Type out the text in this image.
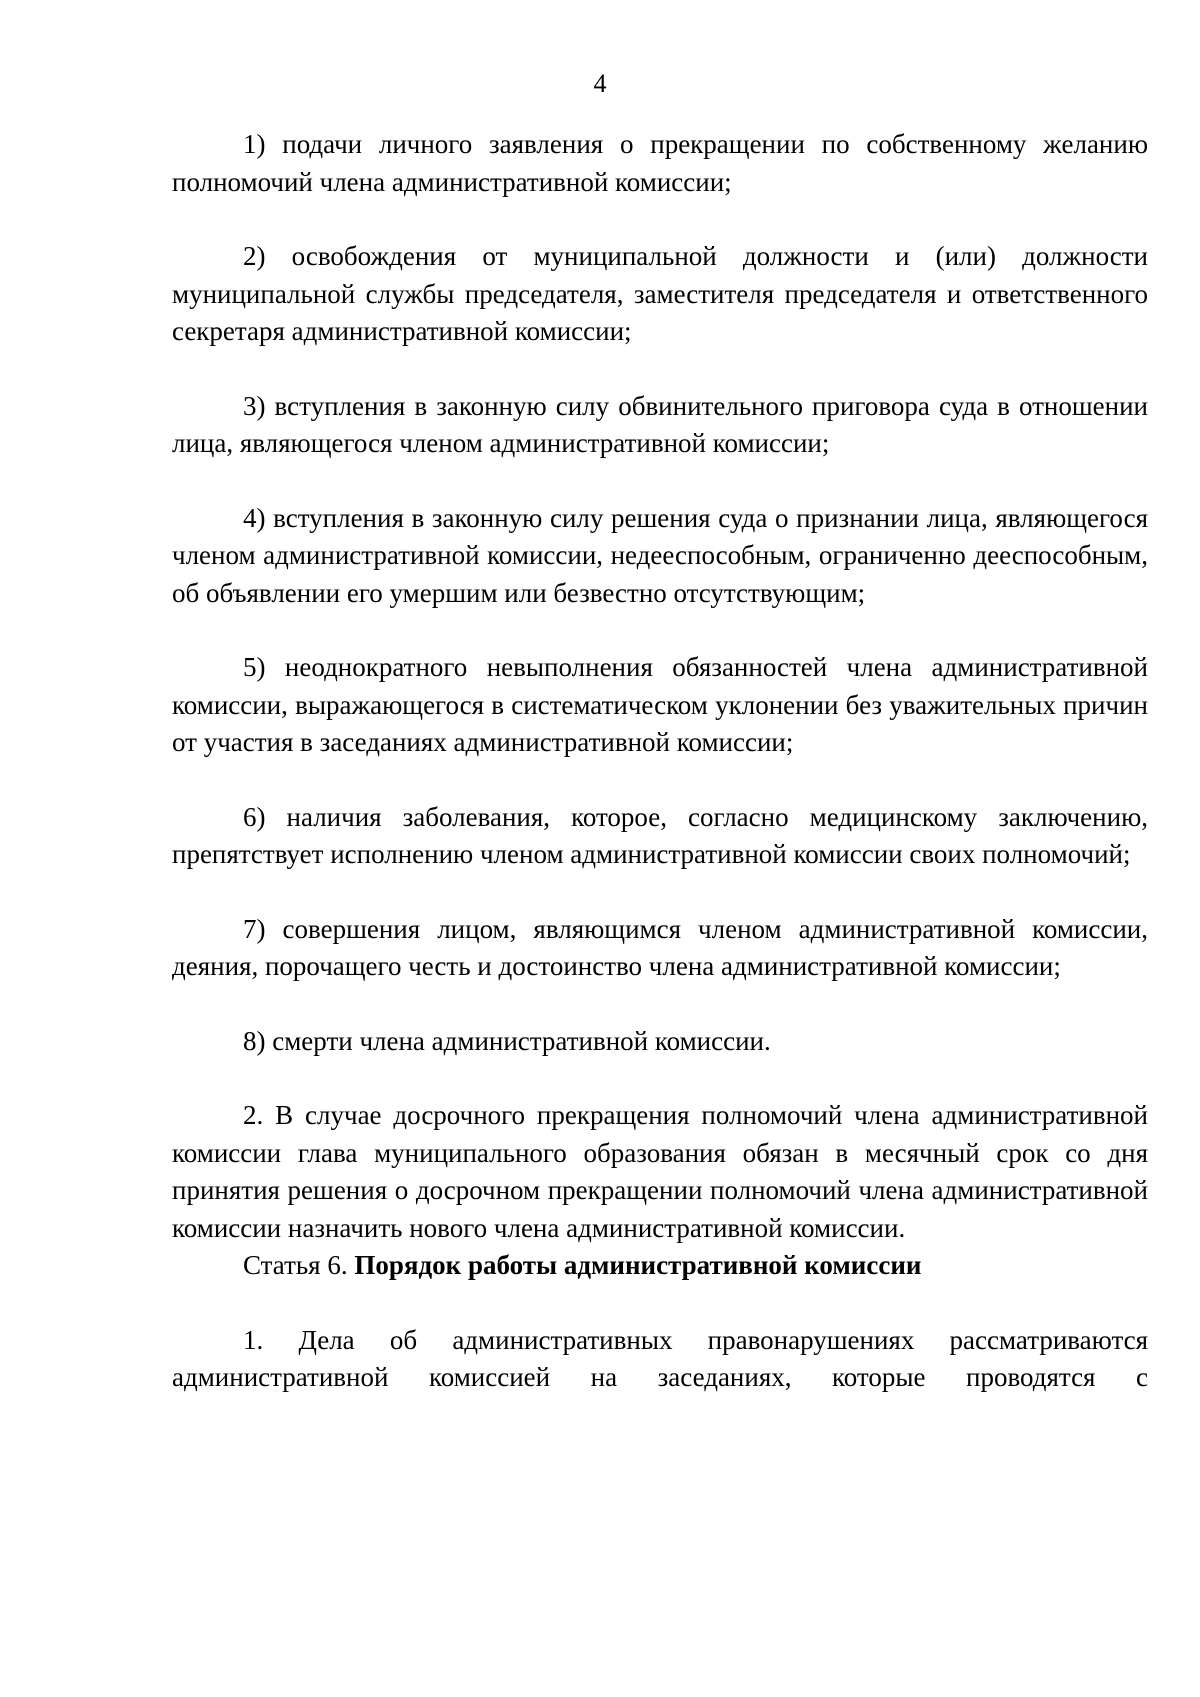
4

1) подачи личного заявления о прекращении по собственному желанию полномочий члена административной комиссии;

2) освобождения от муниципальной должности и (или) должности муниципальной службы председателя, заместителя председателя и ответственного секретаря административной комиссии;

3) вступления в законную силу обвинительного приговора суда в отношении лица, являющегося членом административной комиссии;

4) вступления в законную силу решения суда о признании лица, являющегося членом административной комиссии, недееспособным, ограниченно дееспособным, об объявлении его умершим или безвестно отсутствующим;

5) неоднократного невыполнения обязанностей члена административной комиссии, выражающегося в систематическом уклонении без уважительных причин от участия в заседаниях административной комиссии;

6) наличия заболевания, которое, согласно медицинскому заключению, препятствует исполнению членом административной комиссии своих полномочий;

7) совершения лицом, являющимся членом административной комиссии, деяния, порочащего честь и достоинство члена административной комиссии;

8) смерти члена административной комиссии.

2. В случае досрочного прекращения полномочий члена административной комиссии глава муниципального образования обязан в месячный срок со дня принятия решения о досрочном прекращении полномочий члена административной комиссии назначить нового члена административной комиссии.

Статья 6. Порядок работы административной комиссии

1. Дела об административных правонарушениях рассматриваются административной комиссией на заседаниях, которые проводятся с
